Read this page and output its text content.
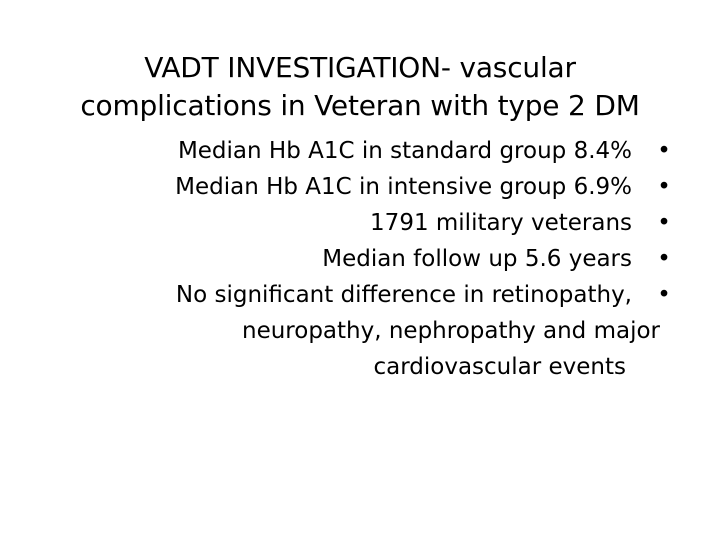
VADT INVESTIGATION- vascular
complications in Veteran with type 2 DM
Median Hb A1C in standard group 8.4% •
Median Hb A1C in intensive group 6.9% •
1791 military veterans •
Median follow up 5.6 years •
No significant difference in retinopathy,
neuropathy, nephropathy and major
cardiovascular events
•
